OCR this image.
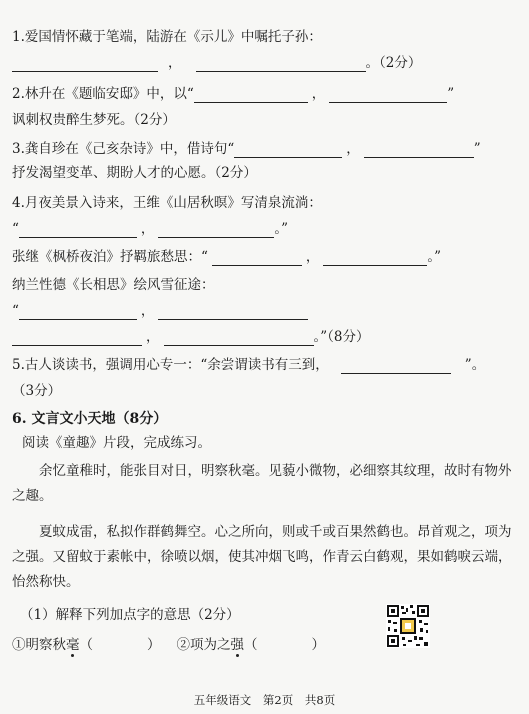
1.爱国情怀藏于笔端，陆游在《示儿》中嘱托子孙：
，	。（2分）
2.林升在《题临安邸》中，以“	，	”
讽刺权贵醉生梦死。（2分）
3.龚自珍在《己亥杂诗》中，借诗句“	，	”
抒发渴望变革、期盼人才的心愿。（2分）
4.月夜美景入诗来，王维《山居秋暝》写清泉流淌：
“	，	。”
张继《枫桥夜泊》抒羁旅愁思：“	，	。”
纳兰性德《长相思》绘风雪征途：
“	，
，	。”（8分）
5.古人谈读书，强调用心专一：“余尝谓读书有三到，	”。
（3分）
6. 文言文小天地（8分）
阅读《童趣》片段，完成练习。
余忆童稚时，能张目对日，明察秋毫。见藐小微物，必细察其纹理，故时有物外之趣。
夏蚊成雷，私拟作群鹤舞空。心之所向，则或千或百果然鹤也。昂首观之，项为之强。又留蚊于素帐中，徐喷以烟，使其冲烟飞鸣，作青云白鹤观，果如鹤唳云端，怡然称快。
（1）解释下列加点字的意思（2分）
①明察秋毫（　　　　） ②项为之强（　　　　）
五年级语文 第2页 共8页
